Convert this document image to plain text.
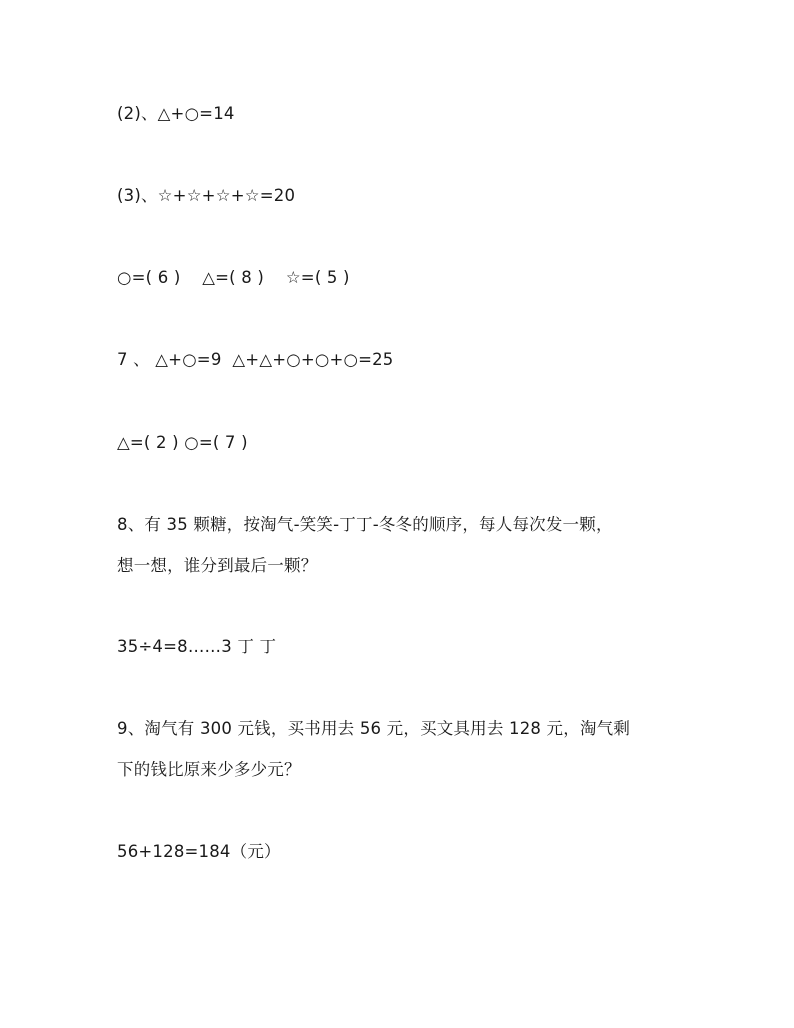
(2)、△+○=14
(3)、☆+☆+☆+☆=20
○=( 6 )    △=( 8 )    ☆=( 5 )
7 、 △+○=9  △+△+○+○+○=25
△=( 2 ) ○=( 7 )
8、有 35 颗糖，按淘气-笑笑-丁丁-冬冬的顺序，每人每次发一颗，
想一想，谁分到最后一颗？
35÷4=8……3 丁 丁
9、淘气有 300 元钱，买书用去 56 元，买文具用去 128 元，淘气剩
下的钱比原来少多少元？
56+128=184（元）
